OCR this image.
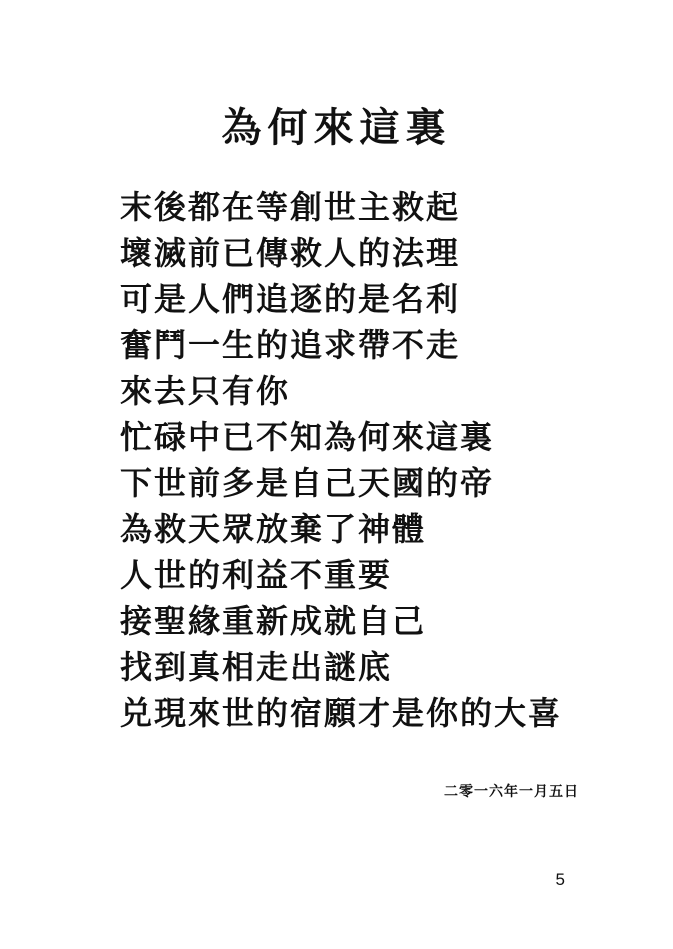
為何來這裏
末後都在等創世主救起
壞滅前已傳救人的法理
可是人們追逐的是名利
奮鬥一生的追求帶不走
來去只有你
忙碌中已不知為何來這裏
下世前多是自己天國的帝
為救天眾放棄了神體
人世的利益不重要
接聖緣重新成就自己
找到真相走出謎底
兑現來世的宿願才是你的大喜
二零一六年一月五日
5
